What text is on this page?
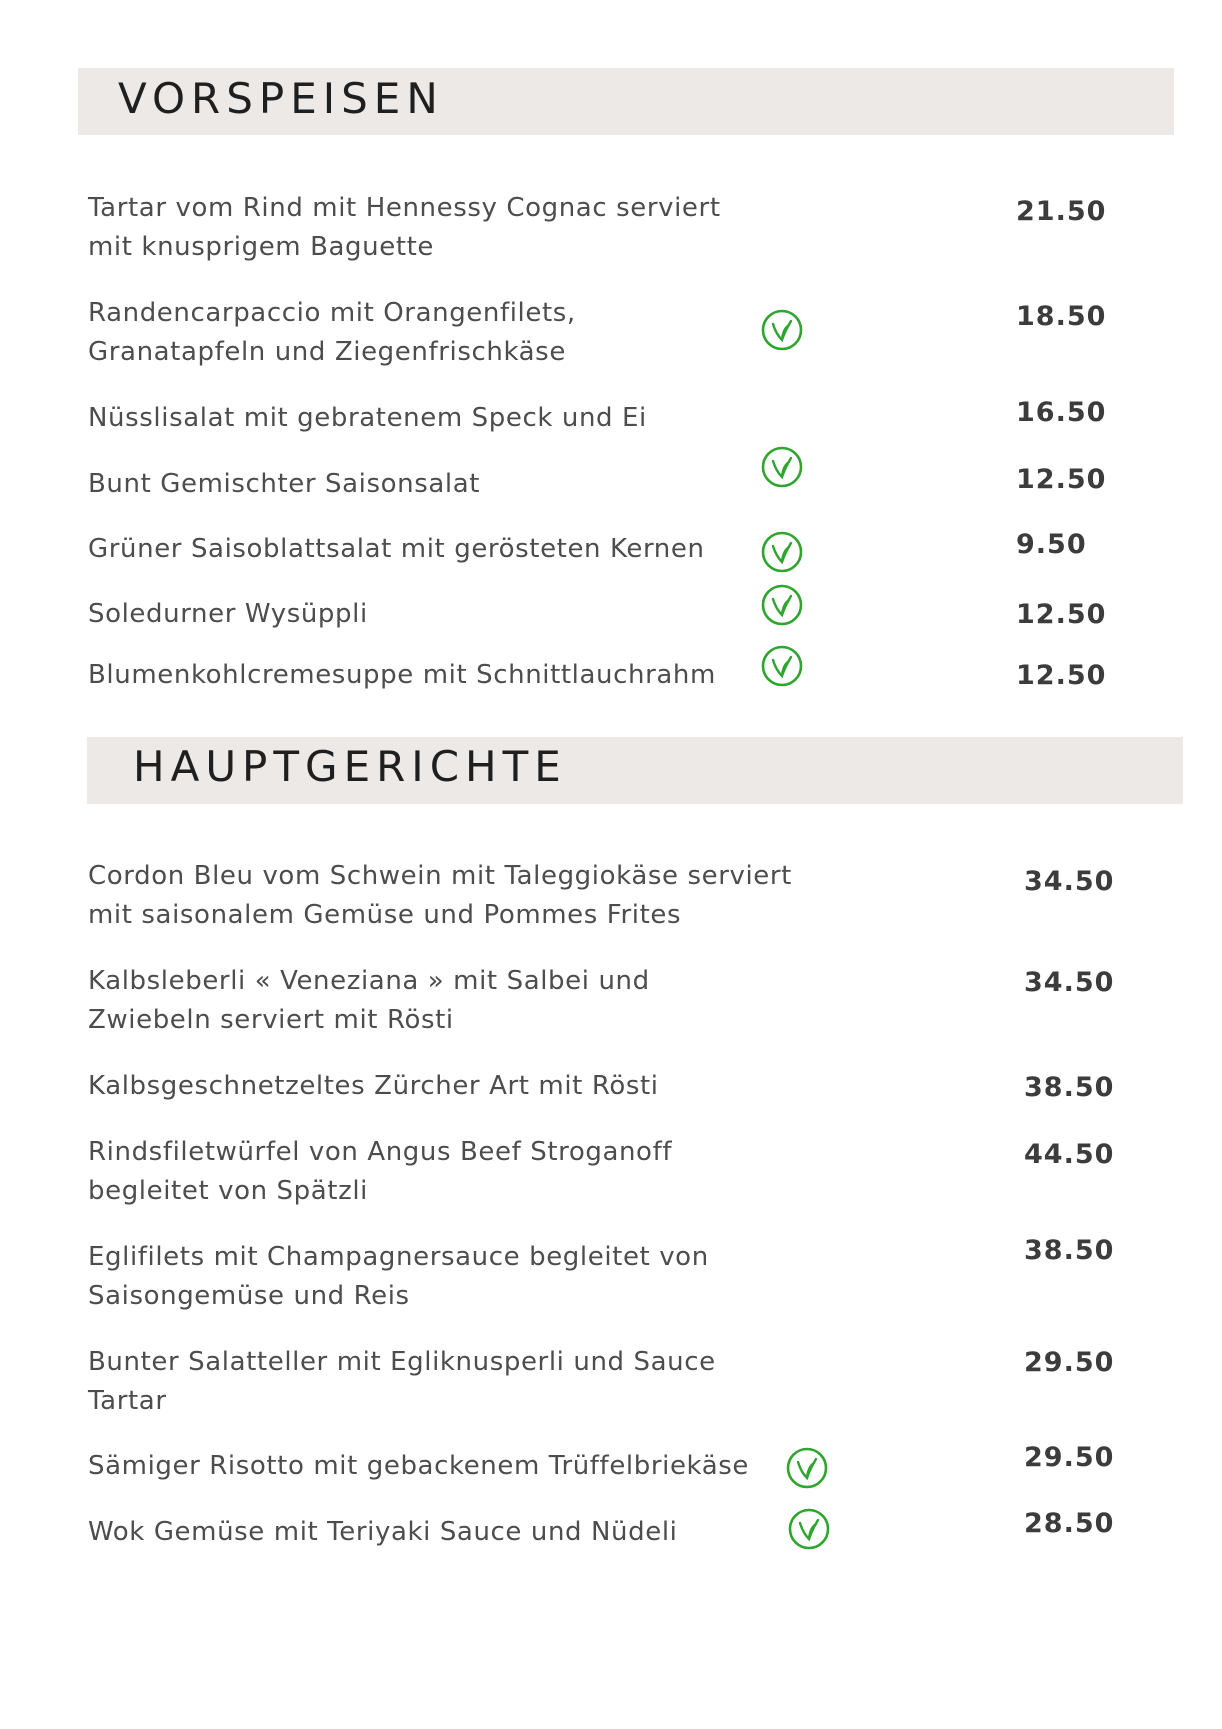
VORSPEISEN
Tartar vom Rind mit Hennessy Cognac serviert
mit knusprigem Baguette
21.50
Randencarpaccio mit Orangenfilets,
Granatapfeln und Ziegenfrischkäse
18.50
Nüsslisalat mit gebratenem Speck und Ei	16.50
Bunt Gemischter Saisonsalat	12.50
Grüner Saisoblattsalat mit gerösteten Kernen	9.50
Soledurner Wysüppli	12.50
Blumenkohlcremesuppe mit Schnittlauchrahm	12.50
HAUPTGERICHTE
Cordon Bleu vom Schwein mit Taleggiokäse serviert
mit saisonalem Gemüse und Pommes Frites
34.50
Kalbsleberli « Veneziana » mit Salbei und
Zwiebeln serviert mit Rösti
34.50
Kalbsgeschnetzeltes Zürcher Art mit Rösti	38.50
Rindsfiletwürfel von Angus Beef Stroganoff
begleitet von Spätzli
44.50
Eglifilets mit Champagnersauce begleitet von
Saisongemüse und Reis
38.50
Bunter Salatteller mit Egliknusperli und Sauce
Tartar
29.50
Sämiger Risotto mit gebackenem Trüffelbriekäse	29.50
Wok Gemüse mit Teriyaki Sauce und Nüdeli	28.50
